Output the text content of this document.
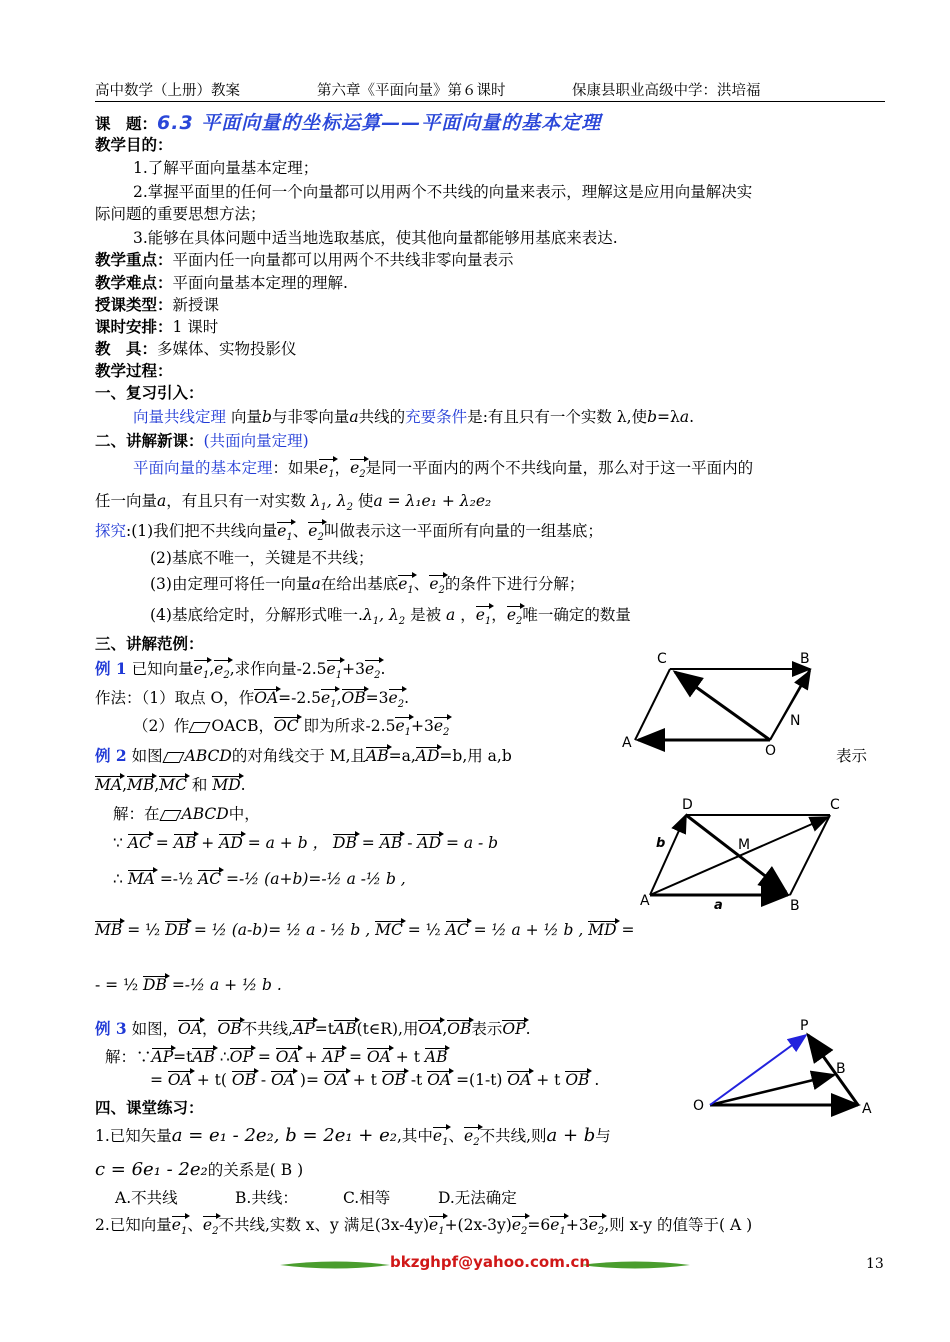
高中数学（上册）教案	第六章《平面向量》第６课时	保康县职业高级中学：洪培福
课　题：6.3 平面向量的坐标运算——平面向量的基本定理
教学目的：
1.了解平面向量基本定理；
2.掌握平面里的任何一个向量都可以用两个不共线的向量来表示，理解这是应用向量解决实
际问题的重要思想方法；
3.能够在具体问题中适当地选取基底，使其他向量都能够用基底来表达.
教学重点：平面内任一向量都可以用两个不共线非零向量表示
教学难点：平面向量基本定理的理解.
授课类型：新授课
课时安排：1 课时
教　具：多媒体、实物投影仪
教学过程：
一、复习引入：
向量共线定理 向量b与非零向量a共线的充要条件是:有且只有一个实数 λ,使b=λa.
二、讲解新课：(共面向量定理)
平面向量的基本定理：如果$e_1$，$e_2$是同一平面内的两个不共线向量，那么对于这一平面内的
任一向量a，有且只有一对实数 $\lambda_1$, $\lambda_2$ 使a = λ₁e₁ + λ₂e₂
探究:(1)我们把不共线向量$e_1$、$e_2$叫做表示这一平面所有向量的一组基底；
(2)基底不唯一，关键是不共线；
(3)由定理可将任一向量a在给出基底$e_1$、$e_2$的条件下进行分解；
(4)基底给定时，分解形式唯一$.\lambda_1$, $\lambda_2$ 是被 a ，$e_1$，$e_2$唯一确定的数量
三、讲解范例：
例 1 已知向量$e_1,e_2$,求作向量$-2.5e_1+3e_2$.
作法：（1）取点 O，作$OA=-2.5e_1,OB=3e_2$.
（2）作 OACB，OC 即为所求$-2.5e_1+3e_2$
例 2 如图 ABCD的对角线交于 M,且AB=a,AD=b,用 a,b	表示
MA,MB,MC 和 MD.
解：在 ABCD中，
∵ AC = AB + AD = a + b ， DB = AB - AD = a - b
∴ MA =-½ AC =-½ (a+b)=-½ a -½ b ,
MB = ½ DB = ½ (a-b)= ½ a - ½ b , MC = ½ AC = ½ a + ½ b , MD =
- = ½ DB =-½ a + ½ b .
例 3 如图，OA，OB不共线,AP=tAB(t∈R),用OA,OB表示OP.
解：∵AP=tAB ∴OP = OA + AP = OA + t AB
= OA + t( OB - OA )= OA + t OB -t OA =(1-t) OA + t OB .
四、课堂练习：
1.已知矢量a = e₁ - 2e₂, b = 2e₁ + e₂,其中$e_1$、$e_2$不共线,则a + b与
c = 6e₁ - 2e₂的关系是( B )
A.不共线	B.共线：	C.相等	D.无法确定
2.已知向量$e_1$、$e_2$不共线,实数 x、y 满足$(3x-4y)e_1+(2x-3y)e_2=6e_1+3e_2$,则 x-y 的值等于( A )
C	B
A	O
N
D	C
A	B
M
a
b
P
B
O	A
bkzghpf@yahoo.com.cn	13
